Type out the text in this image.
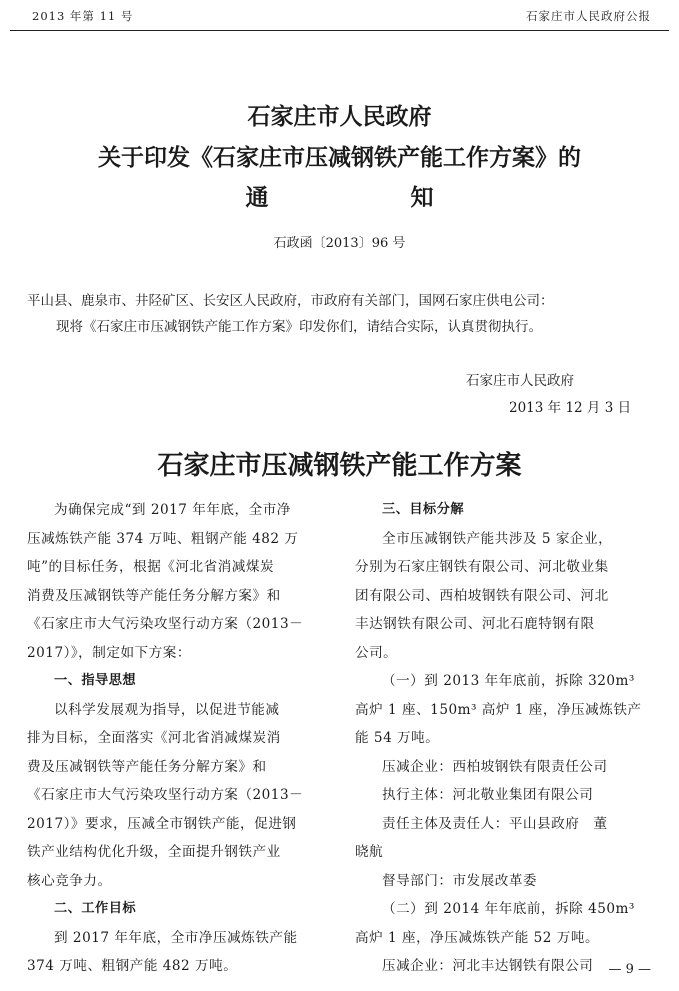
2013 年第 11 号	石家庄市人民政府公报
石家庄市人民政府
关于印发《石家庄市压减钢铁产能工作方案》的
通	知
石政函〔2013〕96 号
平山县、鹿泉市、井陉矿区、长安区人民政府，市政府有关部门，国网石家庄供电公司：
现将《石家庄市压减钢铁产能工作方案》印发你们，请结合实际，认真贯彻执行。
石家庄市人民政府
2013 年 12 月 3 日
石家庄市压减钢铁产能工作方案

为确保完成“到 2017 年年底，全市净

压减炼铁产能 374 万吨、粗钢产能 482 万

吨”的目标任务，根据《河北省消减煤炭

消费及压减钢铁等产能任务分解方案》和

《石家庄市大气污染攻坚行动方案（2013－

2017）》，制定如下方案：

一、指导思想

以科学发展观为指导，以促进节能减

排为目标，全面落实《河北省消减煤炭消

费及压减钢铁等产能任务分解方案》和

《石家庄市大气污染攻坚行动方案（2013－

2017）》要求，压减全市钢铁产能，促进钢

铁产业结构优化升级，全面提升钢铁产业

核心竞争力。

二、工作目标

到 2017 年年底，全市净压减炼铁产能

374 万吨、粗钢产能 482 万吨。

三、目标分解

全市压减钢铁产能共涉及 5 家企业，

分别为石家庄钢铁有限公司、河北敬业集

团有限公司、西柏坡钢铁有限公司、河北

丰达钢铁有限公司、河北石鹿特钢有限

公司。

（一）到 2013 年年底前，拆除 320m³

高炉 1 座、150m³ 高炉 1 座，净压减炼铁产

能 54 万吨。

压减企业：西柏坡钢铁有限责任公司

执行主体：河北敬业集团有限公司

责任主体及责任人：平山县政府　董

晓航

督导部门：市发展改革委

（二）到 2014 年年底前，拆除 450m³

高炉 1 座，净压减炼铁产能 52 万吨。

压减企业：河北丰达钢铁有限公司	— 9 —
